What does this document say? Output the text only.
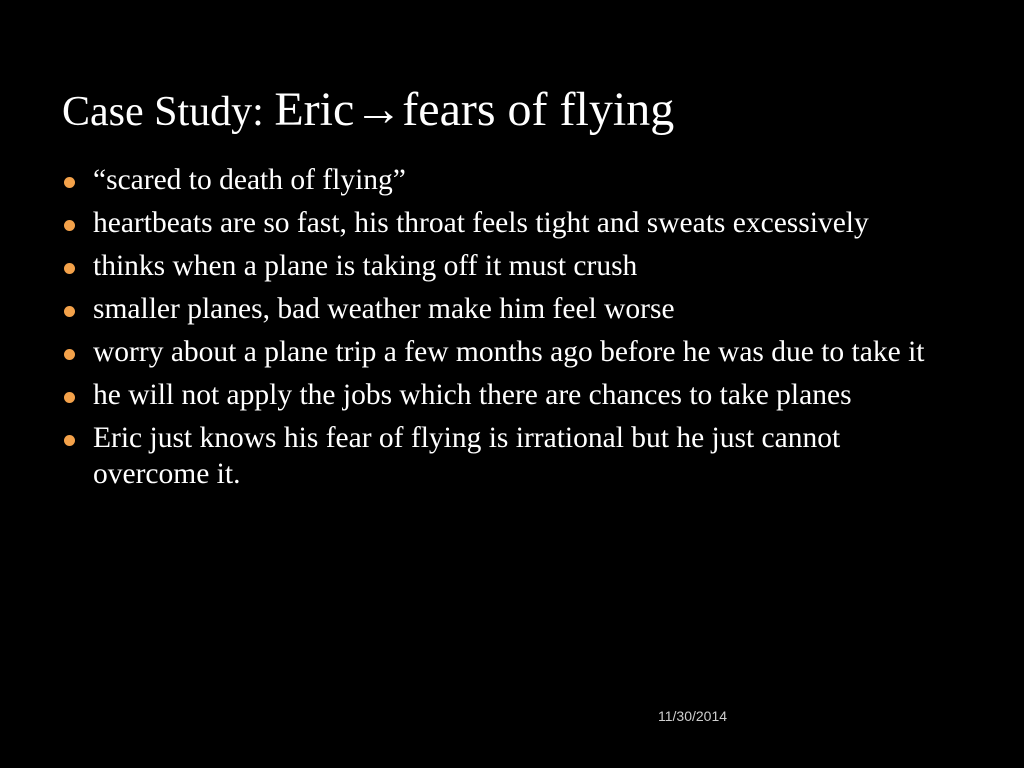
Case Study: Eric→fears of flying
“scared to death of flying”
heartbeats are so fast, his throat feels tight and sweats excessively
thinks when a plane is taking off it must crush
smaller planes, bad weather make him feel worse
worry about a plane trip a few months ago before he was due to take it
he will not apply the jobs which there are chances to take planes
Eric just knows his fear of flying is irrational but he just cannot overcome it.
11/30/2014
